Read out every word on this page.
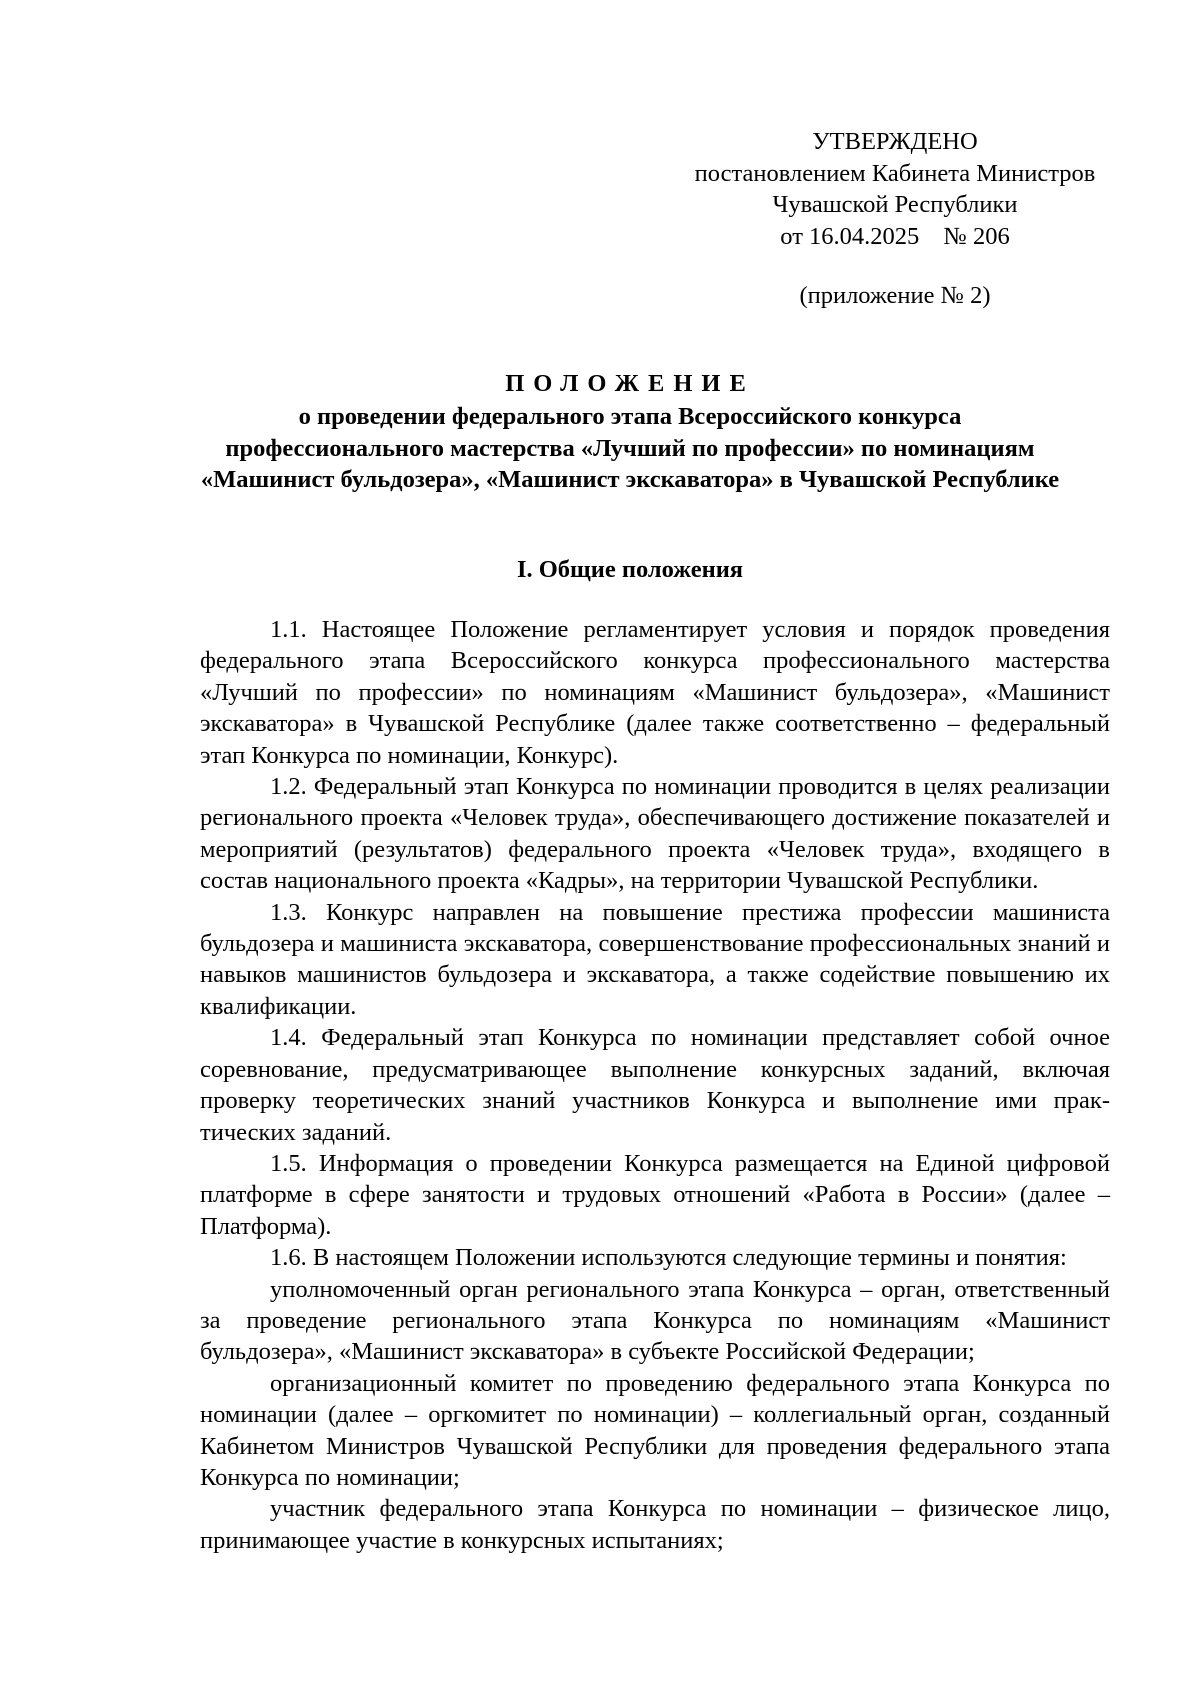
УТВЕРЖДЕНО
постановлением Кабинета Министров
Чувашской Республики
от 16.04.2025 № 206
(приложение № 2)
ПОЛОЖЕНИЕ
о проведении федерального этапа Всероссийского конкурса
профессионального мастерства «Лучший по профессии» по номинациям
«Машинист бульдозера», «Машинист экскаватора» в Чувашской Республике
I. Общие положения

1.1. Настоящее Положение регламентирует условия и порядок проведения федерального этапа Всероссийского конкурса профессионального мастерства «Лучший по профессии» по номинациям «Машинист бульдозера», «Машинист экскаватора» в Чувашской Республике (далее также соответственно – федеральный этап Конкурса по номинации, Конкурс).

1.2. Федеральный этап Конкурса по номинации проводится в целях реализации регионального проекта «Человек труда», обеспечивающего достижение показателей и мероприятий (результатов) федерального проекта «Человек труда», входящего в состав национального проекта «Кадры», на территории Чувашской Республики.

1.3. Конкурс направлен на повышение престижа профессии машиниста бульдозера и машиниста экскаватора, совершенствование профессиональных знаний и навыков машинистов бульдозера и экскаватора, а также содействие повышению их квалификации.

1.4. Федеральный этап Конкурса по номинации представляет собой очное соревнование, предусматривающее выполнение конкурсных заданий, включая проверку теоретических знаний участников Конкурса и выполнение ими практических заданий.

1.5. Информация о проведении Конкурса размещается на Единой цифровой платформе в сфере занятости и трудовых отношений «Работа в России» (далее – Платформа).

1.6. В настоящем Положении используются следующие термины и понятия:

уполномоченный орган регионального этапа Конкурса – орган, ответственный за проведение регионального этапа Конкурса по номинациям «Машинист бульдозера», «Машинист экскаватора» в субъекте Российской Федерации;

организационный комитет по проведению федерального этапа Конкурса по номинации (далее – оргкомитет по номинации) – коллегиальный орган, созданный Кабинетом Министров Чувашской Республики для проведения федерального этапа Конкурса по номинации;

участник федерального этапа Конкурса по номинации – физическое лицо, принимающее участие в конкурсных испытаниях;
